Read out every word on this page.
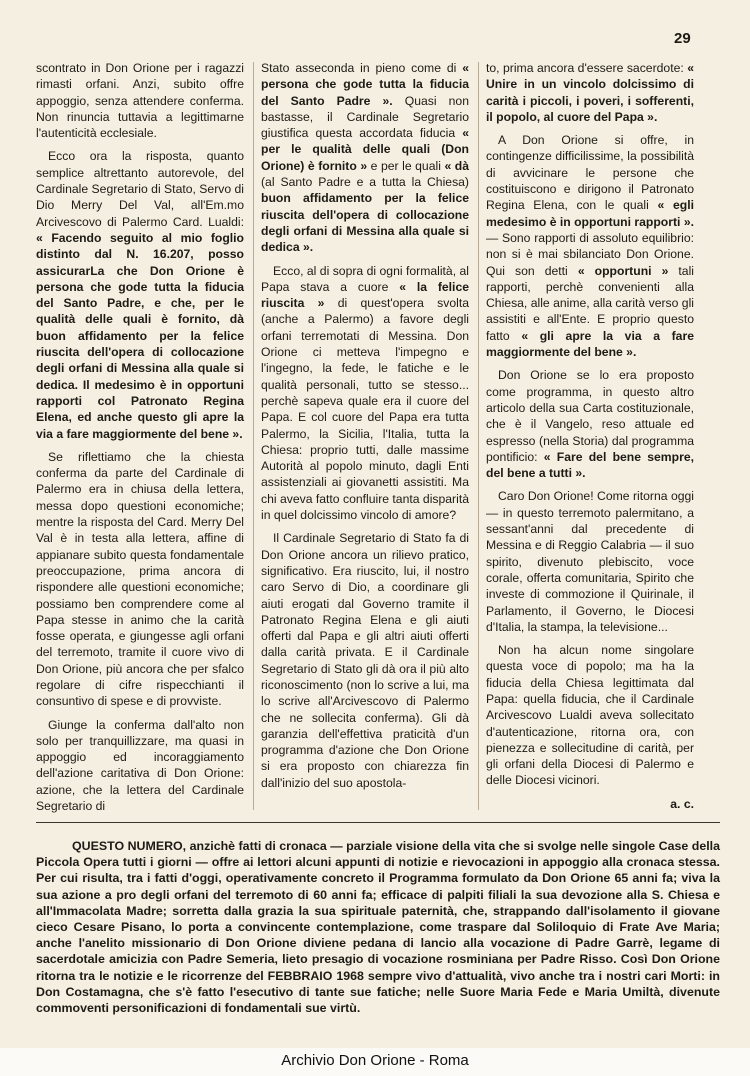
29

scontrato in Don Orione per i ragazzi rimasti orfani. Anzi, subito offre appoggio, senza attendere conferma. Non rinuncia tuttavia a legittimarne l'autenticità ecclesiale.

Ecco ora la risposta, quanto semplice altrettanto autorevole, del Cardinale Segretario di Stato, Servo di Dio Merry Del Val, all'Em.mo Arcivescovo di Palermo Card. Lualdi: « Facendo seguito al mio foglio distinto dal N. 16.207, posso assicurarLa che Don Orione è persona che gode tutta la fiducia del Santo Padre, e che, per le qualità delle quali è fornito, dà buon affidamento per la felice riuscita dell'opera di collocazione degli orfani di Messina alla quale si dedica. Il medesimo è in opportuni rapporti col Patronato Regina Elena, ed anche questo gli apre la via a fare maggiormente del bene ».

Se riflettiamo che la chiesta conferma da parte del Cardinale di Palermo era in chiusa della lettera, messa dopo questioni economiche; mentre la risposta del Card. Merry Del Val è in testa alla lettera, affine di appianare subito questa fondamentale preoccupazione, prima ancora di rispondere alle questioni economiche; possiamo ben comprendere come al Papa stesse in animo che la carità fosse operata, e giungesse agli orfani del terremoto, tramite il cuore vivo di Don Orione, più ancora che per sfalco regolare di cifre rispecchianti il consuntivo di spese e di provviste.

Giunge la conferma dall'alto non solo per tranquillizzare, ma quasi in appoggio ed incoraggiamento dell'azione caritativa di Don Orione: azione, che la lettera del Cardinale Segretario di

Stato asseconda in pieno come di « persona che gode tutta la fiducia del Santo Padre ». Quasi non bastasse, il Cardinale Segretario giustifica questa accordata fiducia « per le qualità delle quali (Don Orione) è fornito » e per le quali « dà (al Santo Padre e a tutta la Chiesa) buon affidamento per la felice riuscita dell'opera di collocazione degli orfani di Messina alla quale si dedica ».

Ecco, al di sopra di ogni formalità, al Papa stava a cuore « la felice riuscita » di quest'opera svolta (anche a Palermo) a favore degli orfani terremotati di Messina. Don Orione ci metteva l'impegno e l'ingegno, la fede, le fatiche e le qualità personali, tutto se stesso... perchè sapeva quale era il cuore del Papa. E col cuore del Papa era tutta Palermo, la Sicilia, l'Italia, tutta la Chiesa: proprio tutti, dalle massime Autorità al popolo minuto, dagli Enti assistenziali ai giovanetti assistiti. Ma chi aveva fatto confluire tanta disparità in quel dolcissimo vincolo di amore?

Il Cardinale Segretario di Stato fa di Don Orione ancora un rilievo pratico, significativo. Era riuscito, lui, il nostro caro Servo di Dio, a coordinare gli aiuti erogati dal Governo tramite il Patronato Regina Elena e gli aiuti offerti dal Papa e gli altri aiuti offerti dalla carità privata. E il Cardinale Segretario di Stato gli dà ora il più alto riconoscimento (non lo scrive a lui, ma lo scrive all'Arcivescovo di Palermo che ne sollecita conferma). Gli dà garanzia dell'effettiva praticità d'un programma d'azione che Don Orione si era proposto con chiarezza fin dall'inizio del suo apostola-

to, prima ancora d'essere sacerdote: « Unire in un vincolo dolcissimo di carità i piccoli, i poveri, i sofferenti, il popolo, al cuore del Papa ».

A Don Orione si offre, in contingenze difficilissime, la possibilità di avvicinare le persone che costituiscono e dirigono il Patronato Regina Elena, con le quali « egli medesimo è in opportuni rapporti ». — Sono rapporti di assoluto equilibrio: non si è mai sbilanciato Don Orione. Qui son detti « opportuni » tali rapporti, perchè convenienti alla Chiesa, alle anime, alla carità verso gli assistiti e all'Ente. E proprio questo fatto « gli apre la via a fare maggiormente del bene ».

Don Orione se lo era proposto come programma, in questo altro articolo della sua Carta costituzionale, che è il Vangelo, reso attuale ed espresso (nella Storia) dal programma pontificio: « Fare del bene sempre, del bene a tutti ».

Caro Don Orione! Come ritorna oggi — in questo terremoto palermitano, a sessant'anni dal precedente di Messina e di Reggio Calabria — il suo spirito, divenuto plebiscito, voce corale, offerta comunitaria, Spirito che investe di commozione il Quirinale, il Parlamento, il Governo, le Diocesi d'Italia, la stampa, la televisione...

Non ha alcun nome singolare questa voce di popolo; ma ha la fiducia della Chiesa legittimata dal Papa: quella fiducia, che il Cardinale Arcivescovo Lualdi aveva sollecitato d'autenticazione, ritorna ora, con pienezza e sollecitudine di carità, per gli orfani della Diocesi di Palermo e delle Diocesi vicinori.

a. c.
QUESTO NUMERO, anzichè fatti di cronaca — parziale visione della vita che si svolge nelle singole Case della Piccola Opera tutti i giorni — offre ai lettori alcuni appunti di notizie e rievocazioni in appoggio alla cronaca stessa. Per cui risulta, tra i fatti d'oggi, operativamente concreto il Programma formulato da Don Orione 65 anni fa; viva la sua azione a pro degli orfani del terremoto di 60 anni fa; efficace di palpiti filiali la sua devozione alla S. Chiesa e all'Immacolata Madre; sorretta dalla grazia la sua spirituale paternità, che, strappando dall'isolamento il giovane cieco Cesare Pisano, lo porta a convincente contemplazione, come traspare dal Soliloquio di Frate Ave Maria; anche l'anelito missionario di Don Orione diviene pedana di lancio alla vocazione di Padre Garrè, legame di sacerdotale amicizia con Padre Semeria, lieto presagio di vocazione rosminiana per Padre Risso. Così Don Orione ritorna tra le notizie e le ricorrenze del FEBBRAIO 1968 sempre vivo d'attualità, vivo anche tra i nostri cari Morti: in Don Costamagna, che s'è fatto l'esecutivo di tante sue fatiche; nelle Suore Maria Fede e Maria Umiltà, divenute commoventi personificazioni di fondamentali sue virtù.
Archivio Don Orione - Roma
